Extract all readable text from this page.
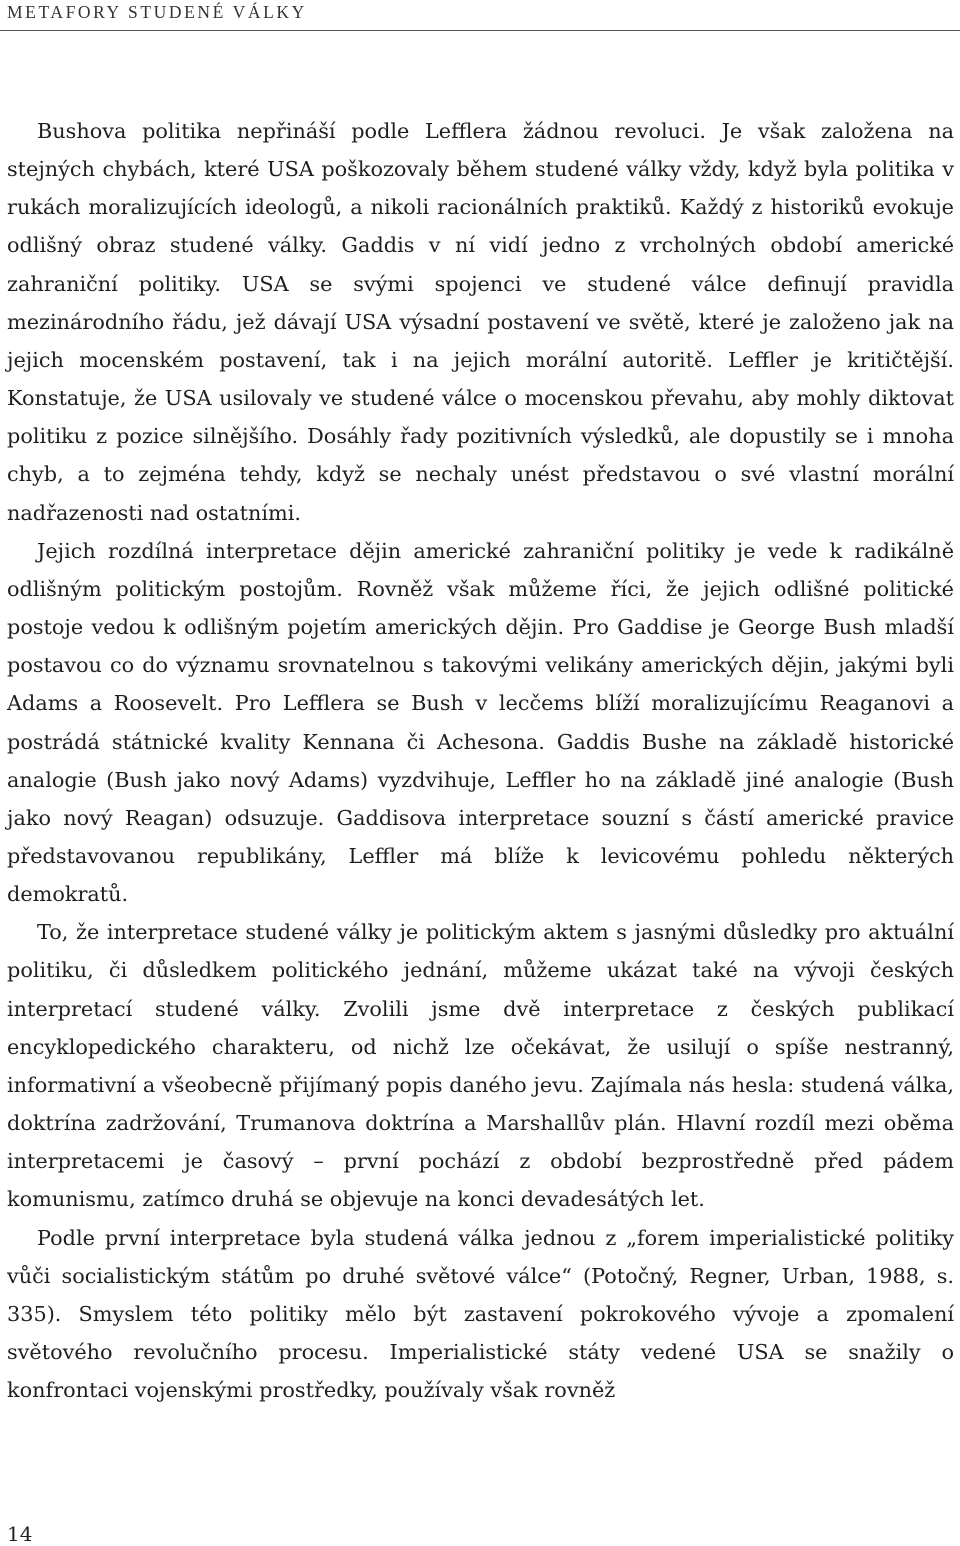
METAFORY STUDENÉ VÁLKY

Bushova politika nepřináší podle Lefflera žádnou revoluci. Je však založena na stejných chybách, které USA poškozovaly během studené války vždy, když byla politika v rukách moralizujících ideologů, a nikoli racionálních praktiků. Každý z historiků evokuje odlišný obraz studené války. Gaddis v ní vidí jedno z vrcholných období americké zahraniční politiky. USA se svými spojenci ve studené válce definují pravidla mezinárodního řádu, jež dávají USA výsadní postavení ve světě, které je založeno jak na jejich mocenském postavení, tak i na jejich morální autoritě. Leffler je kritičtější. Konstatuje, že USA usilovaly ve studené válce o mocenskou převahu, aby mohly diktovat politiku z pozice silnějšího. Dosáhly řady pozitivních výsledků, ale dopustily se i mnoha chyb, a to zejména tehdy, když se nechaly unést představou o své vlastní morální nadřazenosti nad ostatními.

Jejich rozdílná interpretace dějin americké zahraniční politiky je vede k radikálně odlišným politickým postojům. Rovněž však můžeme říci, že jejich odlišné politické postoje vedou k odlišným pojetím amerických dějin. Pro Gaddise je George Bush mladší postavou co do významu srovnatelnou s takovými velikány amerických dějin, jakými byli Adams a Roosevelt. Pro Lefflera se Bush v lecčems blíží moralizujícímu Reaganovi a postrádá státnické kvality Kennana či Achesona. Gaddis Bushe na základě historické analogie (Bush jako nový Adams) vyzdvihuje, Leffler ho na základě jiné analogie (Bush jako nový Reagan) odsuzuje. Gaddisova interpretace souzní s částí americké pravice představovanou republikány, Leffler má blíže k levicovému pohledu některých demokratů.

To, že interpretace studené války je politickým aktem s jasnými důsledky pro aktuální politiku, či důsledkem politického jednání, můžeme ukázat také na vývoji českých interpretací studené války. Zvolili jsme dvě interpretace z českých publikací encyklopedického charakteru, od nichž lze očekávat, že usilují o spíše nestranný, informativní a všeobecně přijímaný popis daného jevu. Zajímala nás hesla: studená válka, doktrína zadržování, Trumanova doktrína a Marshallův plán. Hlavní rozdíl mezi oběma interpretacemi je časový – první pochází z období bezprostředně před pádem komunismu, zatímco druhá se objevuje na konci devadesátých let.

Podle první interpretace byla studená válka jednou z „forem imperialistické politiky vůči socialistickým státům po druhé světové válce“ (Potočný, Regner, Urban, 1988, s. 335). Smyslem této politiky mělo být zastavení pokrokového vývoje a zpomalení světového revolučního procesu. Imperialistické státy vedené USA se snažily o konfrontaci vojenskými prostředky, používaly však rovněž

14
